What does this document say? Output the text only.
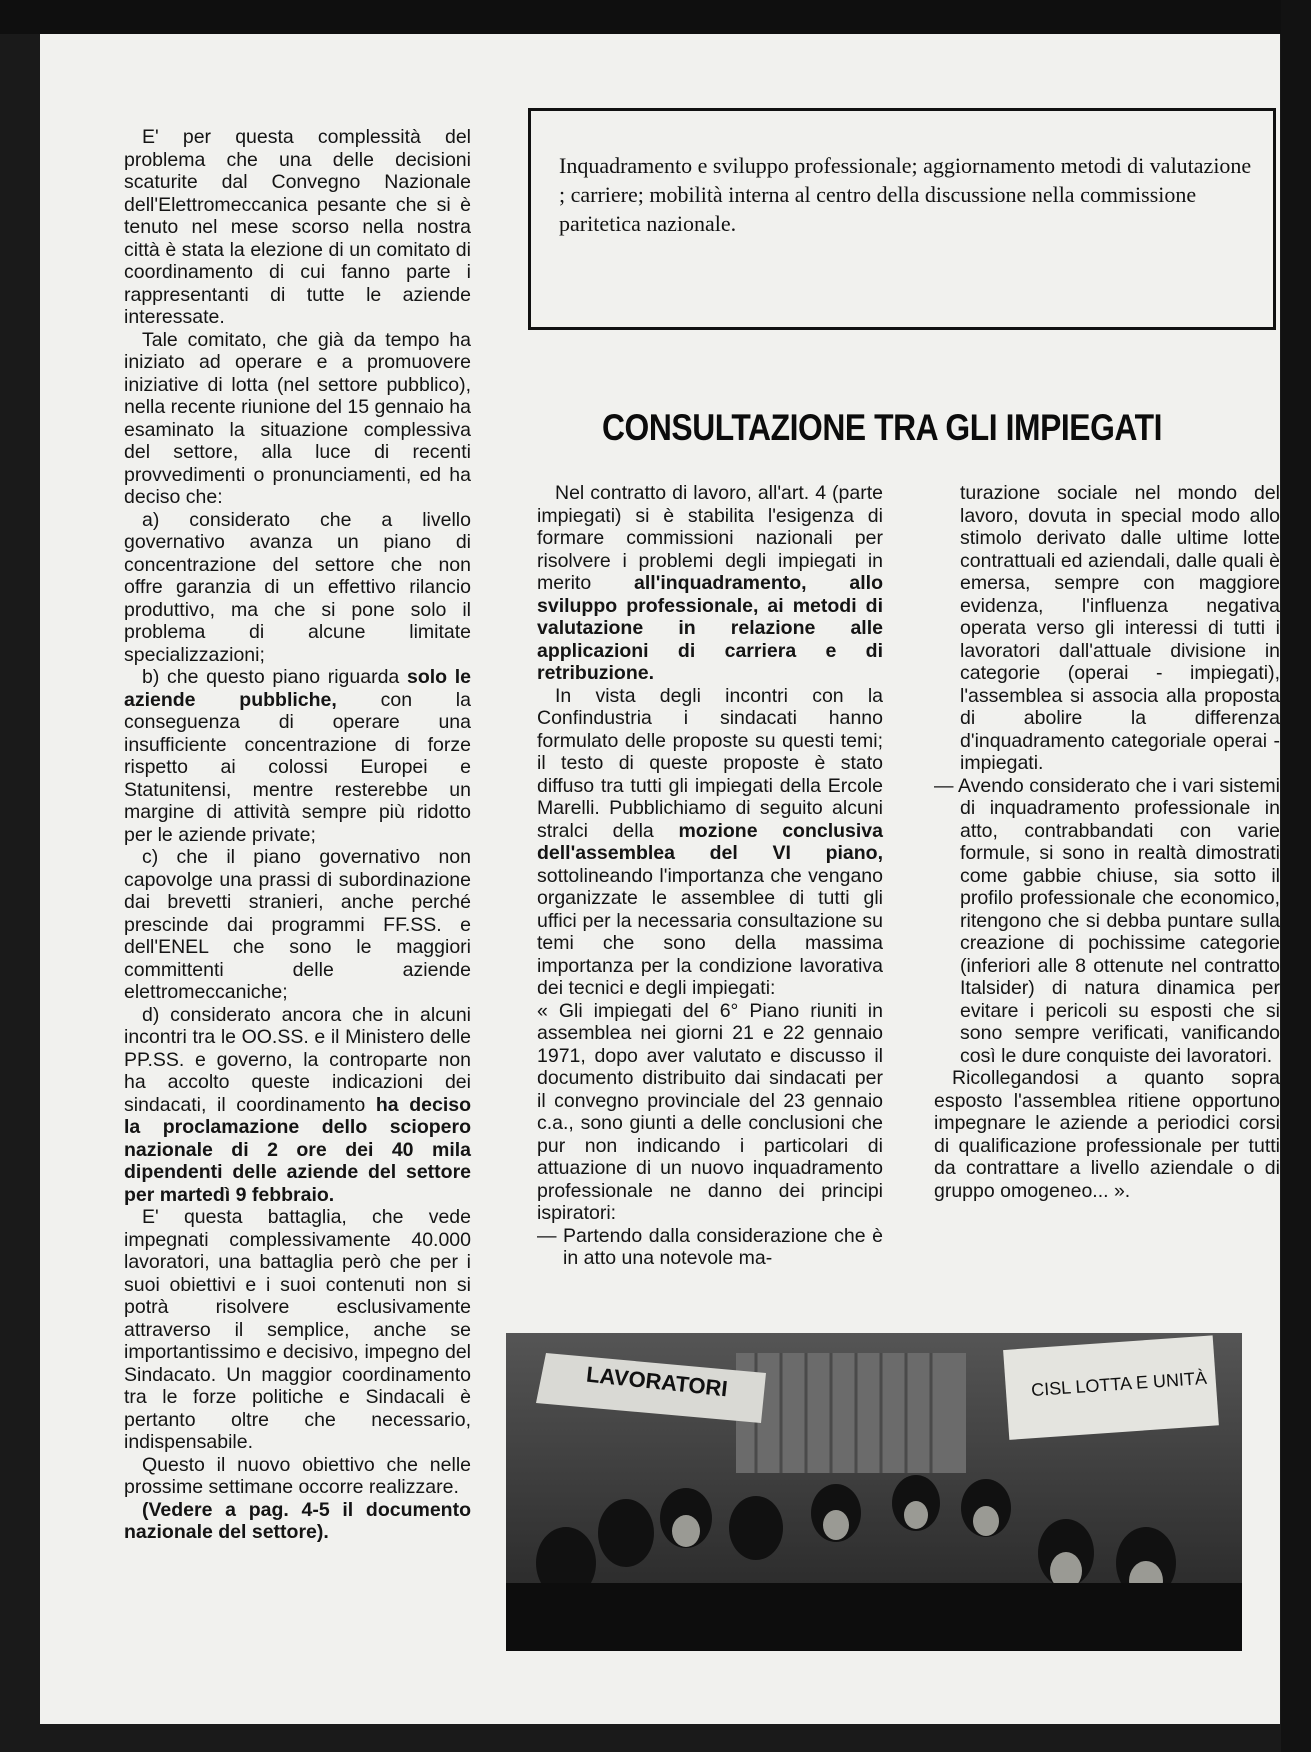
E' per questa complessità del problema che una delle decisioni scaturite dal Convegno Nazionale dell'Elettromeccanica pesante che si è tenuto nel mese scorso nella nostra città è stata la elezione di un comitato di coordinamento di cui fanno parte i rappresentanti di tutte le aziende interessate.

Tale comitato, che già da tempo ha iniziato ad operare e a promuovere iniziative di lotta (nel settore pubblico), nella recente riunione del 15 gennaio ha esaminato la situazione complessiva del settore, alla luce di recenti provvedimenti o pronunciamenti, ed ha deciso che:

a) considerato che a livello governativo avanza un piano di concentrazione del settore che non offre garanzia di un effettivo rilancio produttivo, ma che si pone solo il problema di alcune limitate specializzazioni;

b) che questo piano riguarda solo le aziende pubbliche, con la conseguenza di operare una insufficiente concentrazione di forze rispetto ai colossi Europei e Statunitensi, mentre resterebbe un margine di attività sempre più ridotto per le aziende private;

c) che il piano governativo non capovolge una prassi di subordinazione dai brevetti stranieri, anche perché prescinde dai programmi FF.SS. e dell'ENEL che sono le maggiori committenti delle aziende elettromeccaniche;

d) considerato ancora che in alcuni incontri tra le OO.SS. e il Ministero delle PP.SS. e governo, la controparte non ha accolto queste indicazioni dei sindacati, il coordinamento ha deciso la proclamazione dello sciopero nazionale di 2 ore dei 40 mila dipendenti delle aziende del settore per martedì 9 febbraio.

E' questa battaglia, che vede impegnati complessivamente 40.000 lavoratori, una battaglia però che per i suoi obiettivi e i suoi contenuti non si potrà risolvere esclusivamente attraverso il semplice, anche se importantissimo e decisivo, impegno del Sindacato. Un maggior coordinamento tra le forze politiche e Sindacali è pertanto oltre che necessario, indispensabile.

Questo il nuovo obiettivo che nelle prossime settimane occorre realizzare.

(Vedere a pag. 4-5 il documento nazionale del settore).

Inquadramento e sviluppo professionale; aggiornamento metodi di valutazione ; carriere; mobilità interna al centro della discussione nella commissione paritetica nazionale.
CONSULTAZIONE TRA GLI IMPIEGATI

Nel contratto di lavoro, all'art. 4 (parte impiegati) si è stabilita l'esigenza di formare commissioni nazionali per risolvere i problemi degli impiegati in merito all'inquadramento, allo sviluppo professionale, ai metodi di valutazione in relazione alle applicazioni di carriera e di retribuzione.

In vista degli incontri con la Confindustria i sindacati hanno formulato delle proposte su questi temi; il testo di queste proposte è stato diffuso tra tutti gli impiegati della Ercole Marelli. Pubblichiamo di seguito alcuni stralci della mozione conclusiva dell'assemblea del VI piano, sottolineando l'importanza che vengano organizzate le assemblee di tutti gli uffici per la necessaria consultazione su temi che sono della massima importanza per la condizione lavorativa dei tecnici e degli impiegati:

« Gli impiegati del 6° Piano riuniti in assemblea nei giorni 21 e 22 gennaio 1971, dopo aver valutato e discusso il documento distribuito dai sindacati per il convegno provinciale del 23 gennaio c.a., sono giunti a delle conclusioni che pur non indicando i particolari di attuazione di un nuovo inquadramento professionale ne danno dei principi ispiratori:

— Partendo dalla considerazione che è in atto una notevole ma-

turazione sociale nel mondo del lavoro, dovuta in special modo allo stimolo derivato dalle ultime lotte contrattuali ed aziendali, dalle quali è emersa, sempre con maggiore evidenza, l'influenza negativa operata verso gli interessi di tutti i lavoratori dall'attuale divisione in categorie (operai - impiegati), l'assemblea si associa alla proposta di abolire la differenza d'inquadramento categoriale operai - impiegati.

— Avendo considerato che i vari sistemi di inquadramento professionale in atto, contrabbandati con varie formule, si sono in realtà dimostrati come gabbie chiuse, sia sotto il profilo professionale che economico, ritengono che si debba puntare sulla creazione di pochissime categorie (inferiori alle 8 ottenute nel contratto Italsider) di natura dinamica per evitare i pericoli su esposti che si sono sempre verificati, vanificando così le dure conquiste dei lavoratori.

Ricollegandosi a quanto sopra esposto l'assemblea ritiene opportuno impegnare le aziende a periodici corsi di qualificazione professionale per tutti da contrattare a livello aziendale o di gruppo omogeneo... ».

LAVORATORI	CISL LOTTA E UNITÀ
